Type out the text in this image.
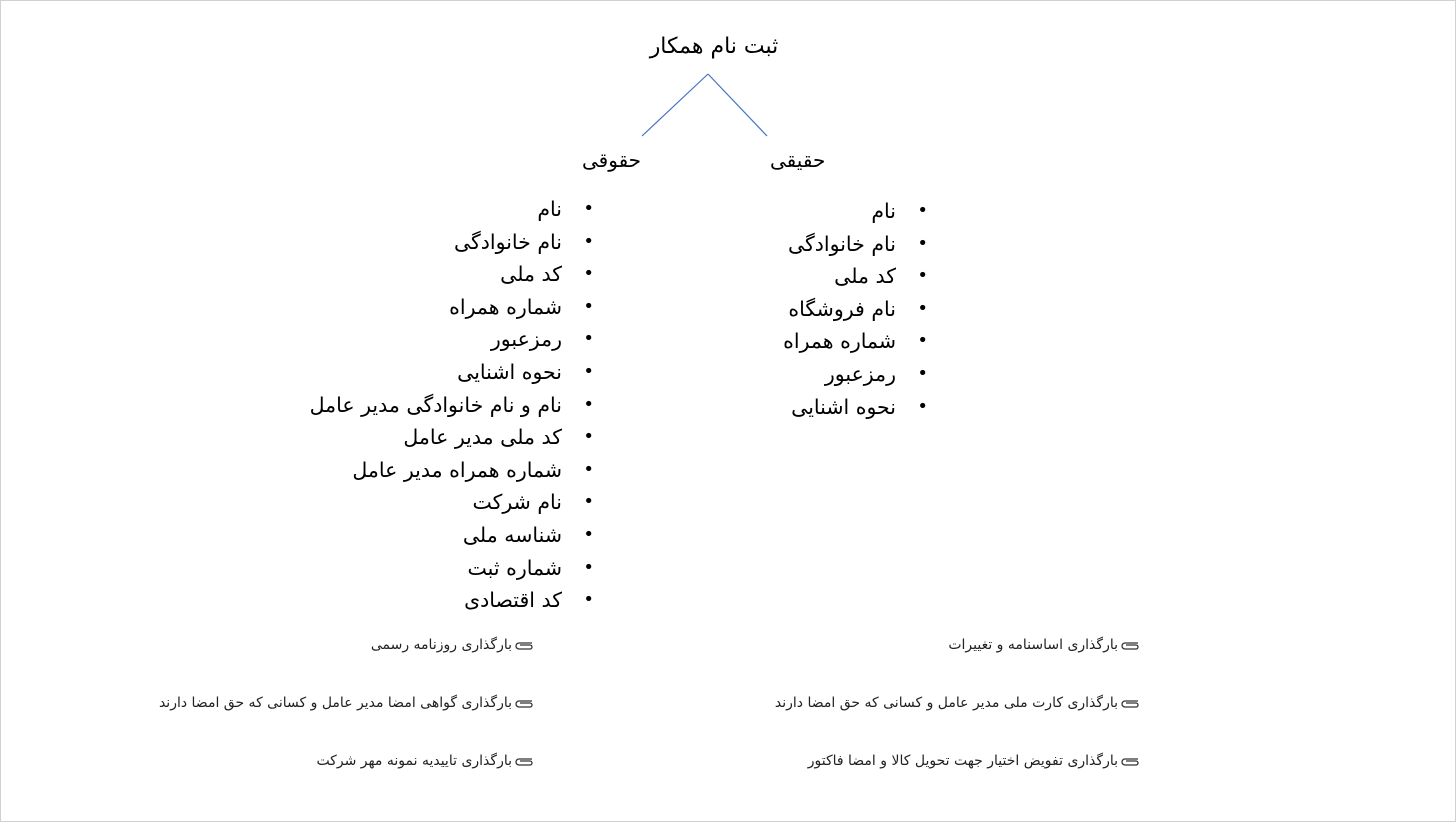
ثبت نام همکار
حقیقی
حقوقی
•
نام
•
نام خانوادگی
•
کد ملی
•
نام فروشگاه
•
شماره همراه
•
رمزعبور
•
نحوه اشنایی
•
نام
•
نام خانوادگی
•
کد ملی
•
شماره همراه
•
رمزعبور
•
نحوه اشنایی
•
نام و نام خانوادگی مدیر عامل
•
کد ملی مدیر عامل
•
شماره همراه مدیر عامل
•
نام شرکت
•
شناسه ملی
•
شماره ثبت
•
کد اقتصادی
بارگذاری اساسنامه و تغییرات
بارگذاری کارت ملی مدیر عامل و کسانی که حق امضا دارند
بارگذاری تفویض اختیار جهت تحویل کالا و امضا فاکتور
بارگذاری روزنامه رسمی
بارگذاری گواهی امضا مدیر عامل و کسانی که حق امضا دارند
بارگذاری تاییدیه نمونه مهر شرکت
